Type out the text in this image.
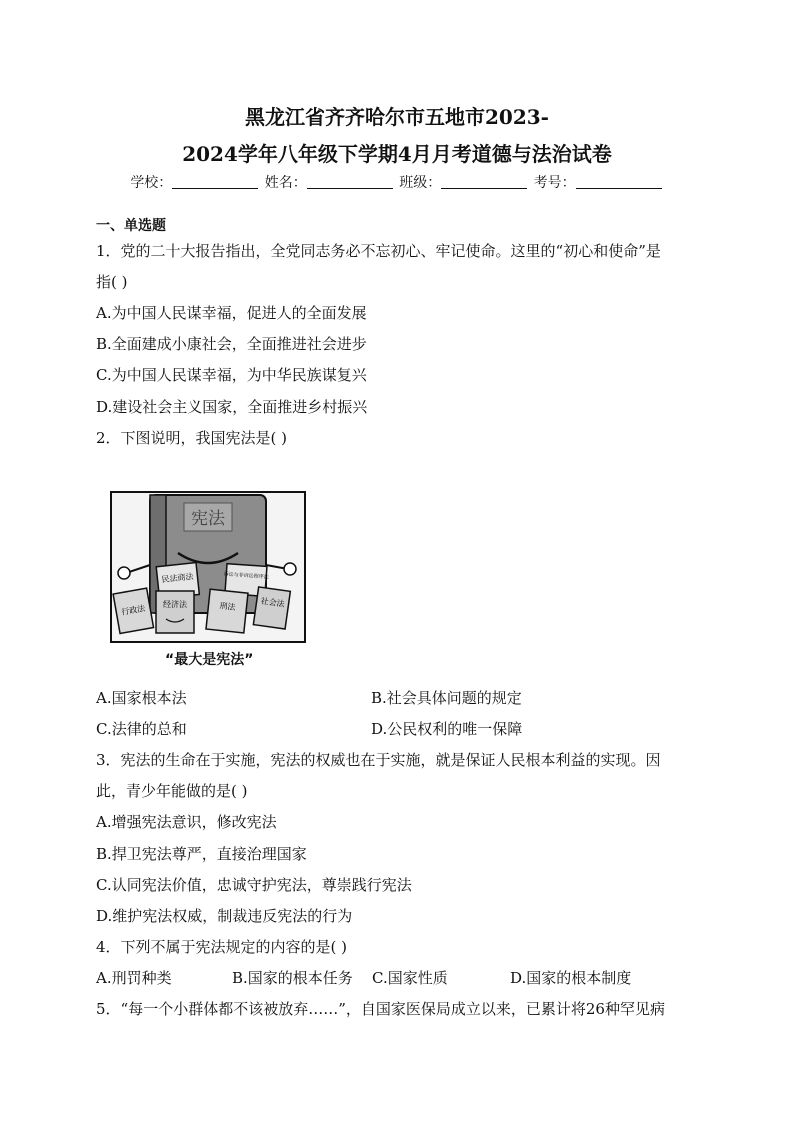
黑龙江省齐齐哈尔市五地市2023-
2024学年八年级下学期4月月考道德与法治试卷
学校：	姓名：	班级：	考号：
一、单选题
1．党的二十大报告指出，全党同志务必不忘初心、牢记使命。这里的“初心和使命”是
指( )
A.为中国人民谋幸福，促进人的全面发展
B.全面建成小康社会，全面推进社会进步
C.为中国人民谋幸福，为中华民族谋复兴
D.建设社会主义国家，全面推进乡村振兴
2．下图说明，我国宪法是( )
宪法
民法商法	诉讼与非诉讼程序法
行政法 经济法	刑法	社会法
“最大是宪法”
A.国家根本法	B.社会具体问题的规定
C.法律的总和	D.公民权利的唯一保障
3．宪法的生命在于实施，宪法的权威也在于实施，就是保证人民根本利益的实现。因
此，青少年能做的是( )
A.增强宪法意识，修改宪法
B.捍卫宪法尊严，直接治理国家
C.认同宪法价值，忠诚守护宪法，尊崇践行宪法
D.维护宪法权威，制裁违反宪法的行为
4．下列不属于宪法规定的内容的是( )
A.刑罚种类	B.国家的根本任务 C.国家性质	D.国家的根本制度
5．“每一个小群体都不该被放弃……”，自国家医保局成立以来，已累计将26种罕见病
